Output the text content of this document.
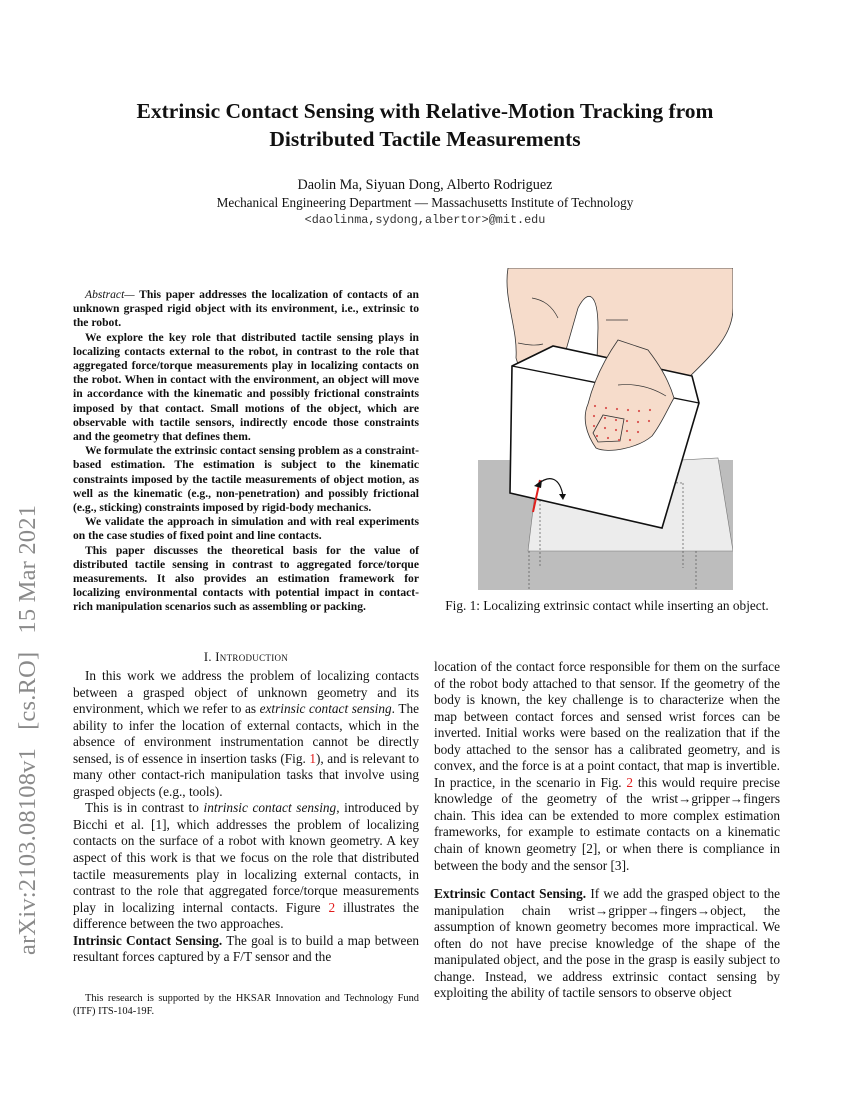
arXiv:2103.08108v1[cs.RO]15 Mar 2021
Extrinsic Contact Sensing with Relative-Motion Tracking from
Distributed Tactile Measurements
Daolin Ma, Siyuan Dong, Alberto Rodriguez
Mechanical Engineering Department — Massachusetts Institute of Technology
<daolinma,sydong,albertor>@mit.edu

Abstract— This paper addresses the localization of contacts of an unknown grasped rigid object with its environment, i.e., extrinsic to the robot.

We explore the key role that distributed tactile sensing plays in localizing contacts external to the robot, in contrast to the role that aggregated force/torque measurements play in localizing contacts on the robot. When in contact with the environment, an object will move in accordance with the kinematic and possibly frictional constraints imposed by that contact. Small motions of the object, which are observable with tactile sensors, indirectly encode those constraints and the geometry that defines them.

We formulate the extrinsic contact sensing problem as a constraint-based estimation. The estimation is subject to the kinematic constraints imposed by the tactile measurements of object motion, as well as the kinematic (e.g., non-penetration) and possibly frictional (e.g., sticking) constraints imposed by rigid-body mechanics.

We validate the approach in simulation and with real experiments on the case studies of fixed point and line contacts.

This paper discusses the theoretical basis for the value of distributed tactile sensing in contrast to aggregated force/torque measurements. It also provides an estimation framework for localizing environmental contacts with potential impact in contact-rich manipulation scenarios such as assembling or packing.

I. Introduction

In this work we address the problem of localizing contacts between a grasped object of unknown geometry and its environment, which we refer to as extrinsic contact sensing. The ability to infer the location of external contacts, which in the absence of environment instrumentation cannot be directly sensed, is of essence in insertion tasks (Fig. 1), and is relevant to many other contact-rich manipulation tasks that involve using grasped objects (e.g., tools).

This is in contrast to intrinsic contact sensing, introduced by Bicchi et al. [1], which addresses the problem of localizing contacts on the surface of a robot with known geometry. A key aspect of this work is that we focus on the role that distributed tactile measurements play in localizing external contacts, in contrast to the role that aggregated force/torque measurements play in localizing internal contacts. Figure 2 illustrates the difference between the two approaches.

Intrinsic Contact Sensing. The goal is to build a map between resultant forces captured by a F/T sensor and the

This research is supported by the HKSAR Innovation and Technology Fund (ITF) ITS-104-19F.

Fig. 1: Localizing extrinsic contact while inserting an object.

location of the contact force responsible for them on the surface of the robot body attached to that sensor. If the geometry of the body is known, the key challenge is to characterize when the map between contact forces and sensed wrist forces can be inverted. Initial works were based on the realization that if the body attached to the sensor has a calibrated geometry, and is convex, and the force is at a point contact, that map is invertible. In practice, in the scenario in Fig. 2 this would require precise knowledge of the geometry of the wrist→gripper→fingers chain. This idea can be extended to more complex estimation frameworks, for example to estimate contacts on a kinematic chain of known geometry [2], or when there is compliance in between the body and the sensor [3].

Extrinsic Contact Sensing. If we add the grasped object to the manipulation chain wrist→gripper→fingers→object, the assumption of known geometry becomes more impractical. We often do not have precise knowledge of the shape of the manipulated object, and the pose in the grasp is easily subject to change. Instead, we address extrinsic contact sensing by exploiting the ability of tactile sensors to observe object
